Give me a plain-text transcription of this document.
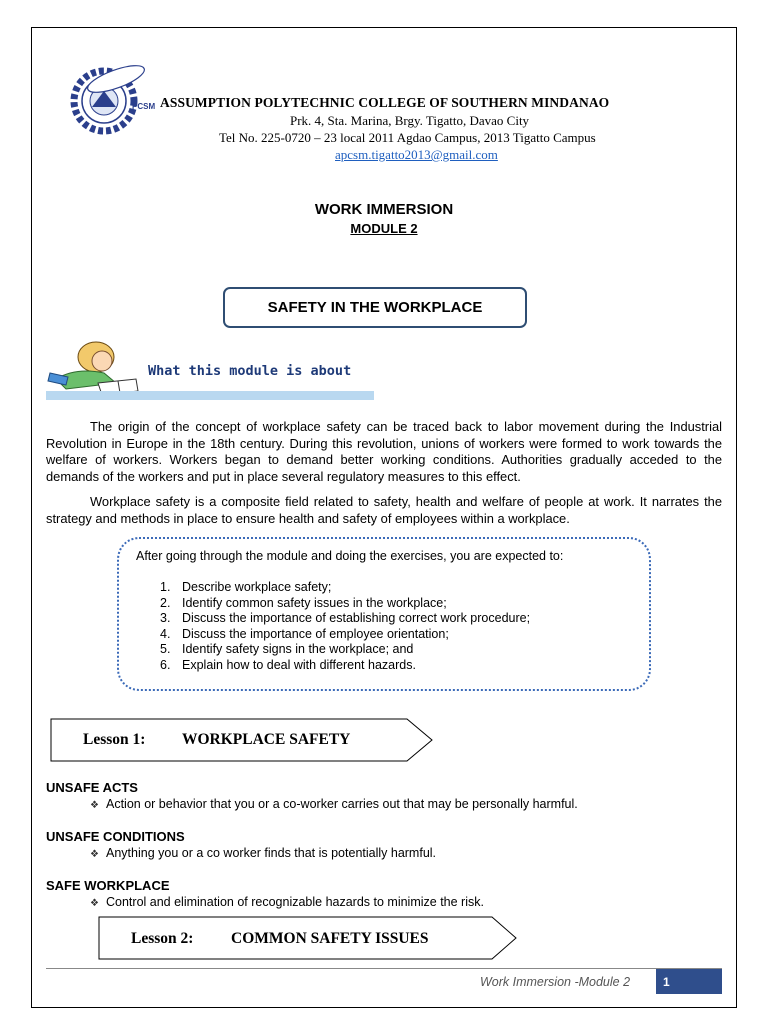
PCSM ASSUMPTION POLYTECHNIC COLLEGE OF SOUTHERN MINDANAO
Prk. 4, Sta. Marina, Brgy. Tigatto, Davao City
Tel No. 225-0720 – 23 local 2011 Agdao Campus, 2013 Tigatto Campus
apcsm.tigatto2013@gmail.com
WORK IMMERSION
MODULE 2
SAFETY IN THE WORKPLACE
What this module is about

The origin of the concept of workplace safety can be traced back to labor movement during the Industrial Revolution in Europe in the 18th century. During this revolution, unions of workers were formed to work towards the welfare of workers. Workers began to demand better working conditions. Authorities gradually acceded to the demands of the workers and put in place several regulatory measures to this effect.

Workplace safety is a composite field related to safety, health and welfare of people at work. It narrates the strategy and methods in place to ensure health and safety of employees within a workplace.

After going through the module and doing the exercises, you are expected to:
1. Describe workplace safety;
2. Identify common safety issues in the workplace;
3. Discuss the importance of establishing correct work procedure;
4. Discuss the importance of employee orientation;
5. Identify safety signs in the workplace; and
6. Explain how to deal with different hazards.
Lesson 1: WORKPLACE SAFETY
UNSAFE ACTS
❖ Action or behavior that you or a co-worker carries out that may be personally harmful.
UNSAFE CONDITIONS
❖ Anything you or a co worker finds that is potentially harmful.
SAFE WORKPLACE
❖ Control and elimination of recognizable hazards to minimize the risk.
Lesson 2: COMMON SAFETY ISSUES
Work Immersion -Module 2	1
